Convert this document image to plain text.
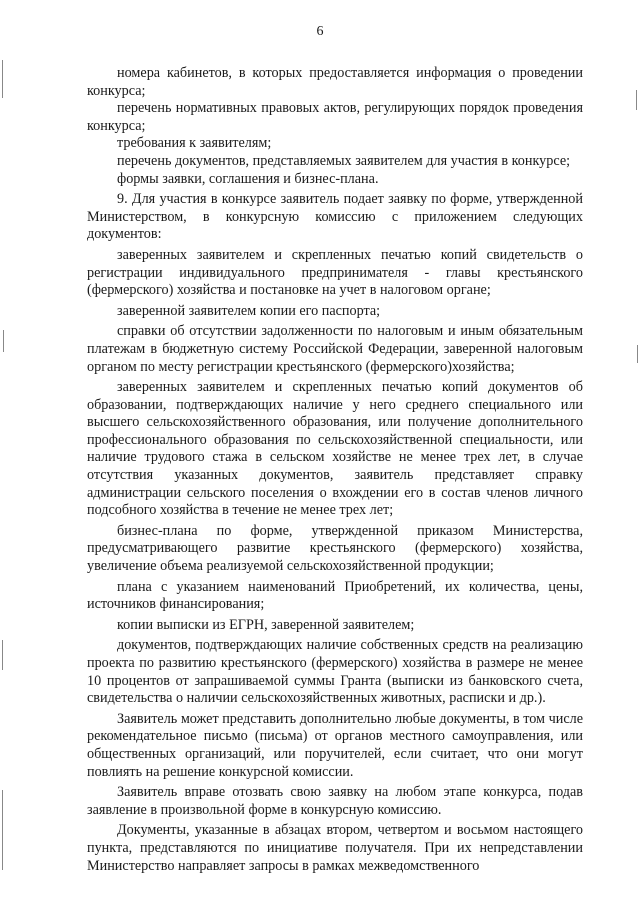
6

номера кабинетов, в которых предоставляется информация о проведении конкурса;

перечень нормативных правовых актов, регулирующих порядок проведения конкурса;

требования к заявителям;

перечень документов, представляемых заявителем для участия в конкурсе;

формы заявки, соглашения и бизнес-плана.

9. Для участия в конкурсе заявитель подает заявку по форме, утвержденной Министерством, в конкурсную комиссию с приложением следующих документов:

заверенных заявителем и скрепленных печатью копий свидетельств о регистрации индивидуального предпринимателя - главы крестьянского (фермерского) хозяйства и постановке на учет в налоговом органе;

заверенной заявителем копии его паспорта;

справки об отсутствии задолженности по налоговым и иным обязательным платежам в бюджетную систему Российской Федерации, заверенной налоговым органом по месту регистрации крестьянского (фермерского)хозяйства;

заверенных заявителем и скрепленных печатью копий документов об образовании, подтверждающих наличие у него среднего специального или высшего сельскохозяйственного образования, или получение дополнительного профессионального образования по сельскохозяйственной специальности, или наличие трудового стажа в сельском хозяйстве не менее трех лет, в случае отсутствия указанных документов, заявитель представляет справку администрации сельского поселения о вхождении его в состав членов личного подсобного хозяйства в течение не менее трех лет;

бизнес-плана по форме, утвержденной приказом Министерства, предусматривающего развитие крестьянского (фермерского) хозяйства, увеличение объема реализуемой сельскохозяйственной продукции;

плана с указанием наименований Приобретений, их количества, цены, источников финансирования;

копии выписки из ЕГРН, заверенной заявителем;

документов, подтверждающих наличие собственных средств на реализацию проекта по развитию крестьянского (фермерского) хозяйства в размере не менее 10 процентов от запрашиваемой суммы Гранта (выписки из банковского счета, свидетельства о наличии сельскохозяйственных животных, расписки и др.).

Заявитель может представить дополнительно любые документы, в том числе рекомендательное письмо (письма) от органов местного самоуправления, или общественных организаций, или поручителей, если считает, что они могут повлиять на решение конкурсной комиссии.

Заявитель вправе отозвать свою заявку на любом этапе конкурса, подав заявление в произвольной форме в конкурсную комиссию.

Документы, указанные в абзацах втором, четвертом и восьмом настоящего пункта, представляются по инициативе получателя. При их непредставлении Министерство направляет запросы в рамках межведомственного
